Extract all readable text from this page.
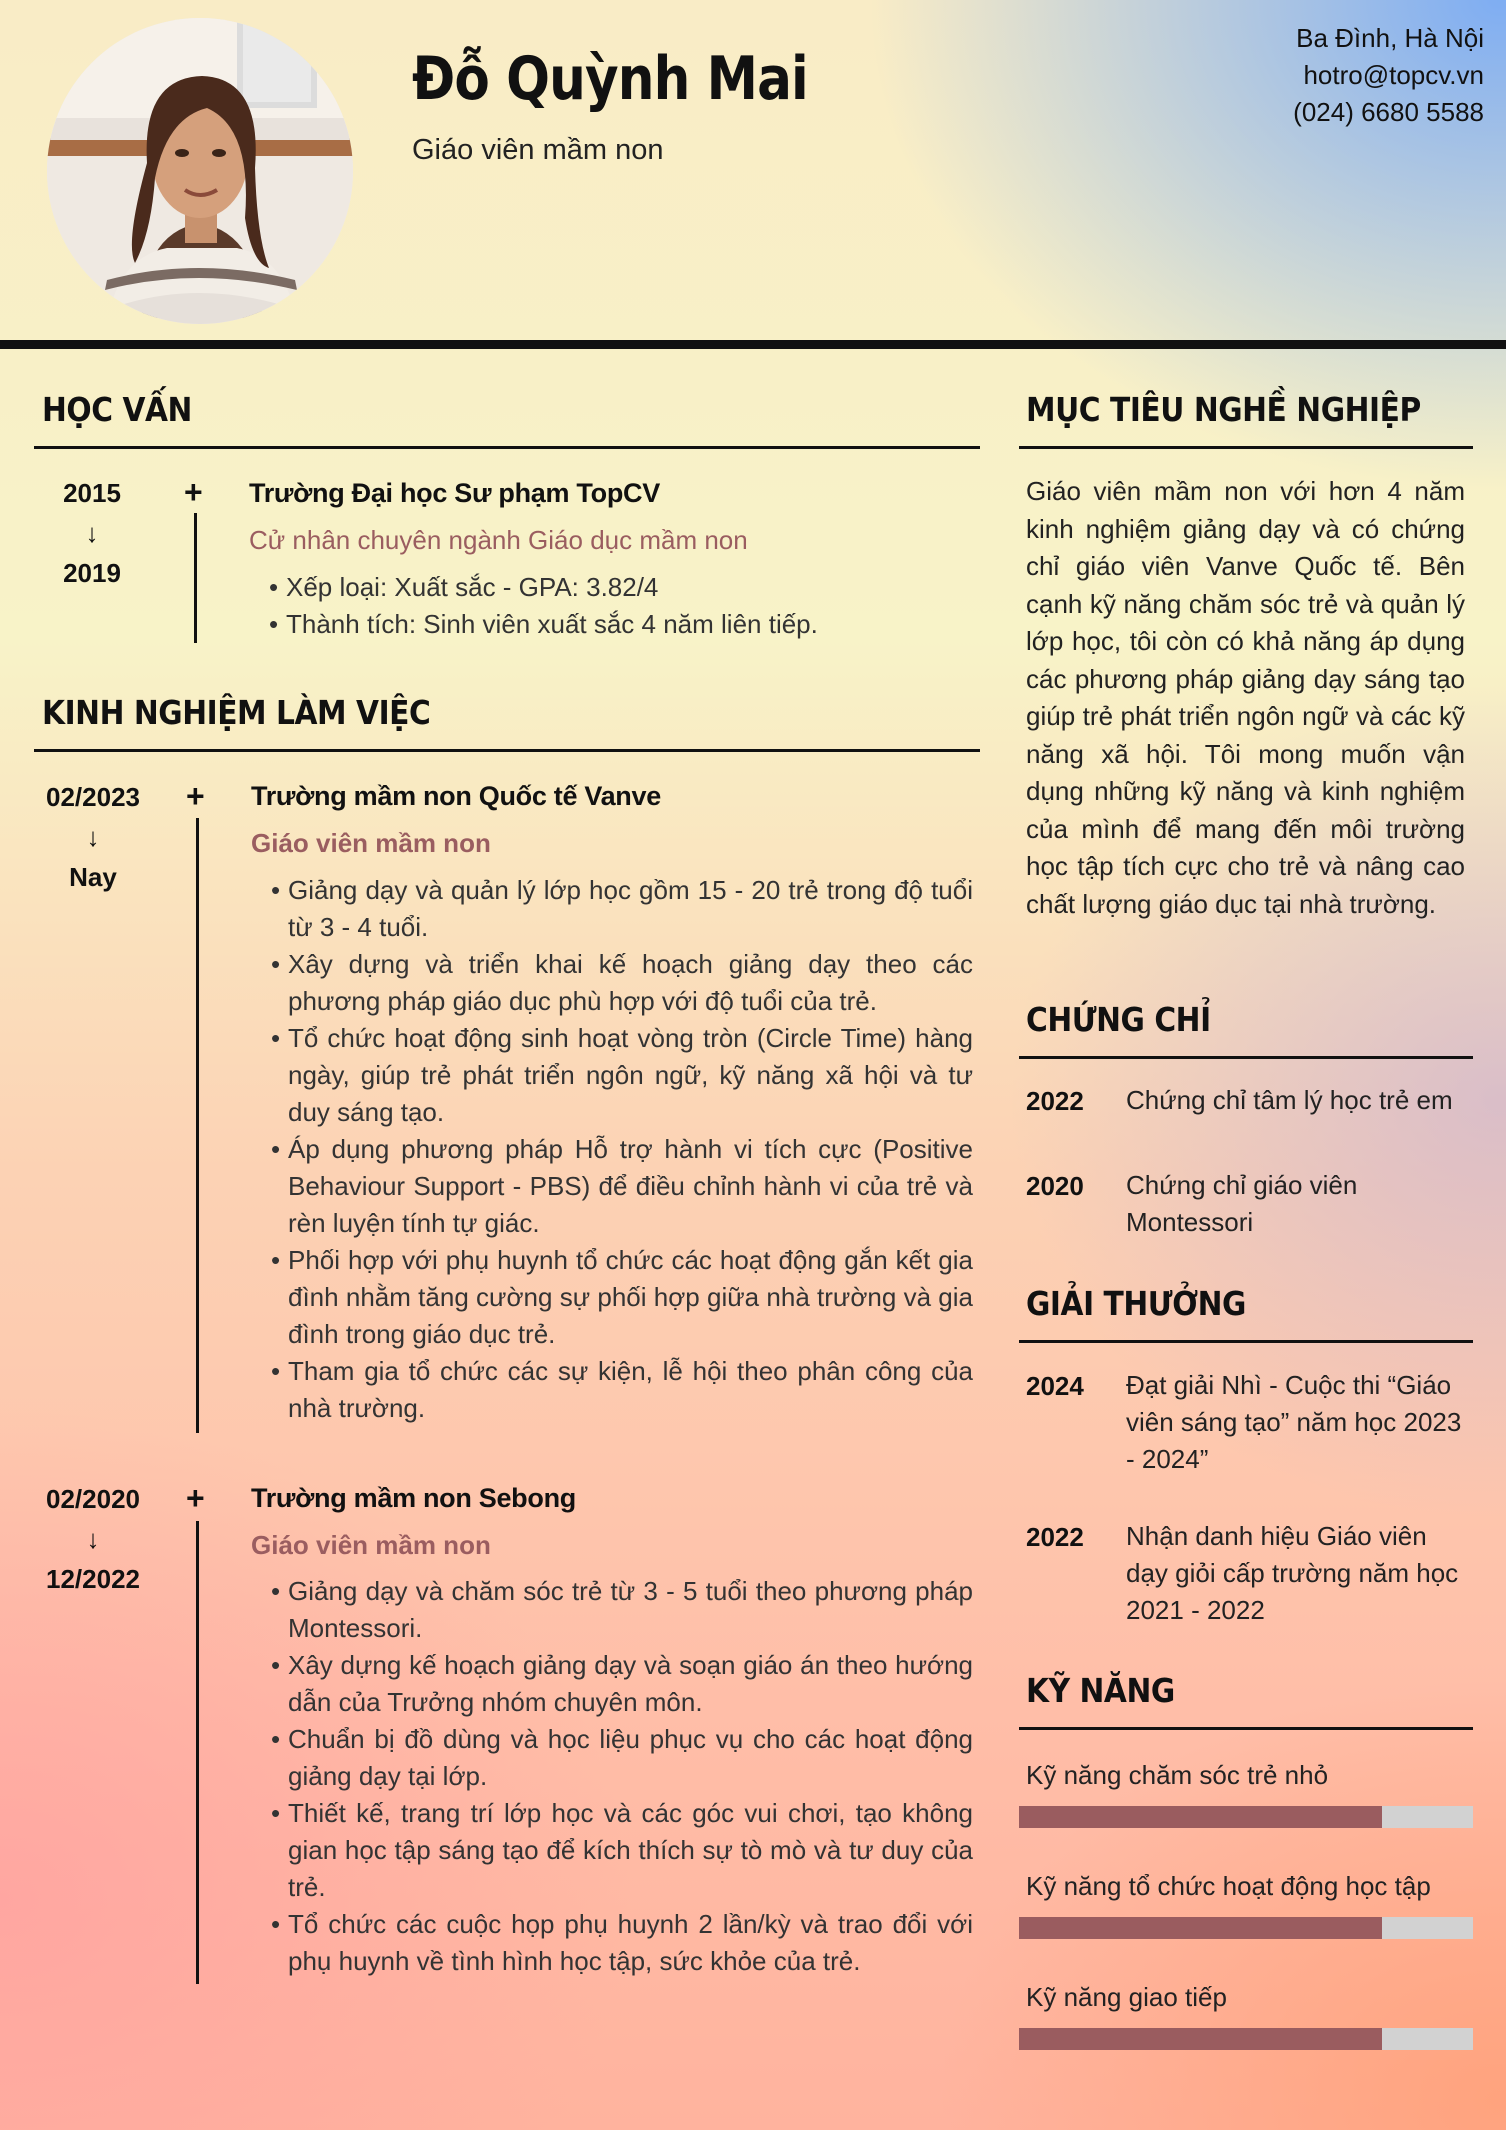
Đỗ Quỳnh Mai
Giáo viên mầm non
Ba Đình, Hà Nội
hotro@topcv.vn
(024) 6680 5588
HỌC VẤN
2015
↓
2019
+ Trường Đại học Sư phạm TopCV
Cử nhân chuyên ngành Giáo dục mầm non
• Xếp loại: Xuất sắc - GPA: 3.82/4
• Thành tích: Sinh viên xuất sắc 4 năm liên tiếp.
KINH NGHIỆM LÀM VIỆC
02/2023
↓
Nay
+ Trường mầm non Quốc tế Vanve
Giáo viên mầm non
• Giảng dạy và quản lý lớp học gồm 15 - 20 trẻ trong độ tuổi từ 3 - 4 tuổi.
• Xây dựng và triển khai kế hoạch giảng dạy theo các phương pháp giáo dục phù hợp với độ tuổi của trẻ.
• Tổ chức hoạt động sinh hoạt vòng tròn (Circle Time) hàng ngày, giúp trẻ phát triển ngôn ngữ, kỹ năng xã hội và tư duy sáng tạo.
• Áp dụng phương pháp Hỗ trợ hành vi tích cực (Positive Behaviour Support - PBS) để điều chỉnh hành vi của trẻ và rèn luyện tính tự giác.
• Phối hợp với phụ huynh tổ chức các hoạt động gắn kết gia đình nhằm tăng cường sự phối hợp giữa nhà trường và gia đình trong giáo dục trẻ.
• Tham gia tổ chức các sự kiện, lễ hội theo phân công của nhà trường.
02/2020
↓
12/2022
+ Trường mầm non Sebong
Giáo viên mầm non
• Giảng dạy và chăm sóc trẻ từ 3 - 5 tuổi theo phương pháp Montessori.
• Xây dựng kế hoạch giảng dạy và soạn giáo án theo hướng dẫn của Trưởng nhóm chuyên môn.
• Chuẩn bị đồ dùng và học liệu phục vụ cho các hoạt động giảng dạy tại lớp.
• Thiết kế, trang trí lớp học và các góc vui chơi, tạo không gian học tập sáng tạo để kích thích sự tò mò và tư duy của trẻ.
• Tổ chức các cuộc họp phụ huynh 2 lần/kỳ và trao đổi với phụ huynh về tình hình học tập, sức khỏe của trẻ.
MỤC TIÊU NGHỀ NGHIỆP
Giáo viên mầm non với hơn 4 năm kinh nghiệm giảng dạy và có chứng chỉ giáo viên Vanve Quốc tế. Bên cạnh kỹ năng chăm sóc trẻ và quản lý lớp học, tôi còn có khả năng áp dụng các phương pháp giảng dạy sáng tạo giúp trẻ phát triển ngôn ngữ và các kỹ năng xã hội. Tôi mong muốn vận dụng những kỹ năng và kinh nghiệm của mình để mang đến môi trường học tập tích cực cho trẻ và nâng cao chất lượng giáo dục tại nhà trường.
CHỨNG CHỈ
2022 Chứng chỉ tâm lý học trẻ em
2020 Chứng chỉ giáo viên Montessori
GIẢI THƯỞNG
2024 Đạt giải Nhì - Cuộc thi “Giáo viên sáng tạo” năm học 2023 - 2024”
2022 Nhận danh hiệu Giáo viên dạy giỏi cấp trường năm học 2021 - 2022
KỸ NĂNG
Kỹ năng chăm sóc trẻ nhỏ
Kỹ năng tổ chức hoạt động học tập
Kỹ năng giao tiếp
